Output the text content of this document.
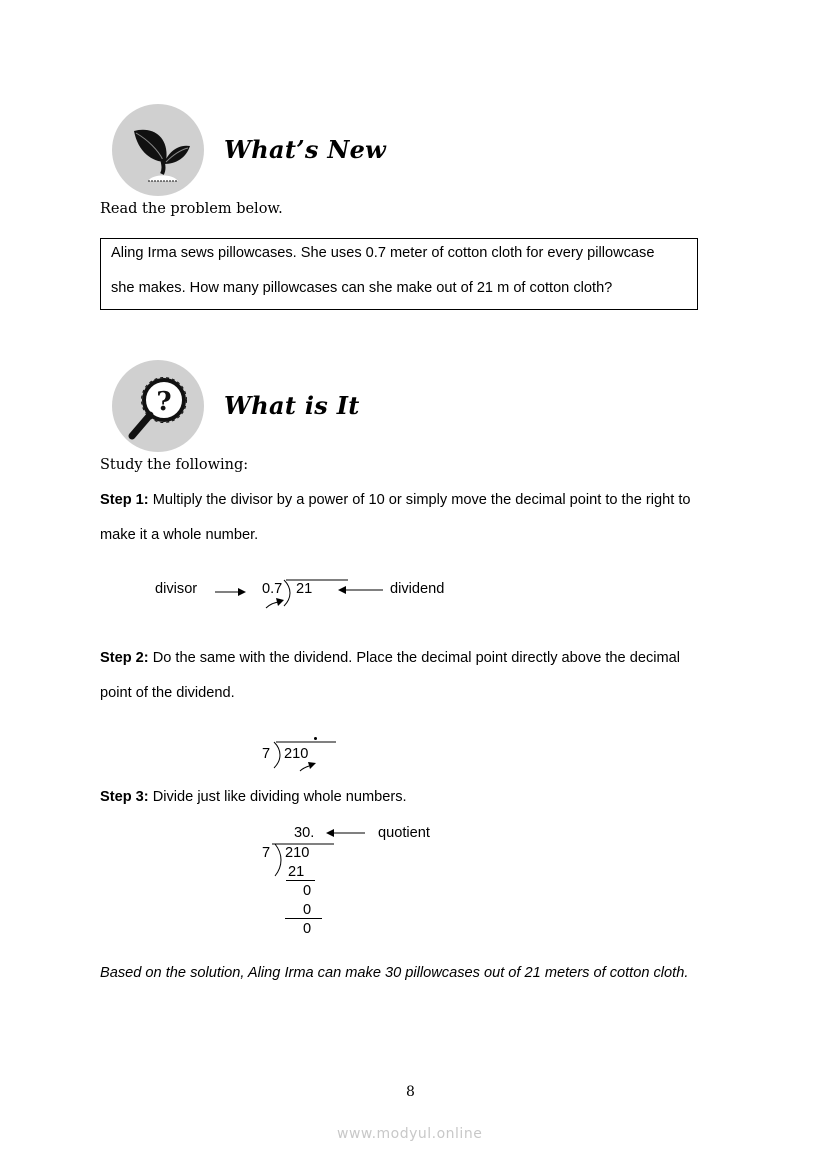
What’s New
Read the problem below.
Aling Irma sews pillowcases. She uses 0.7 meter of cotton cloth for every pillowcase
she makes. How many pillowcases can she make out of 21 m of cotton cloth?
? What is It
Study the following:
Step 1: Multiply the divisor by a power of 10 or simply move the decimal point to the right to
make it a whole number.
divisor	0.7 21	dividend
Step 2: Do the same with the dividend. Place the decimal point directly above the decimal
point of the dividend.
7 210
Step 3: Divide just like dividing whole numbers.
30.	quotient
7 210
21
0
0
0
Based on the solution, Aling Irma can make 30 pillowcases out of 21 meters of cotton cloth.
8
www.modyul.online
